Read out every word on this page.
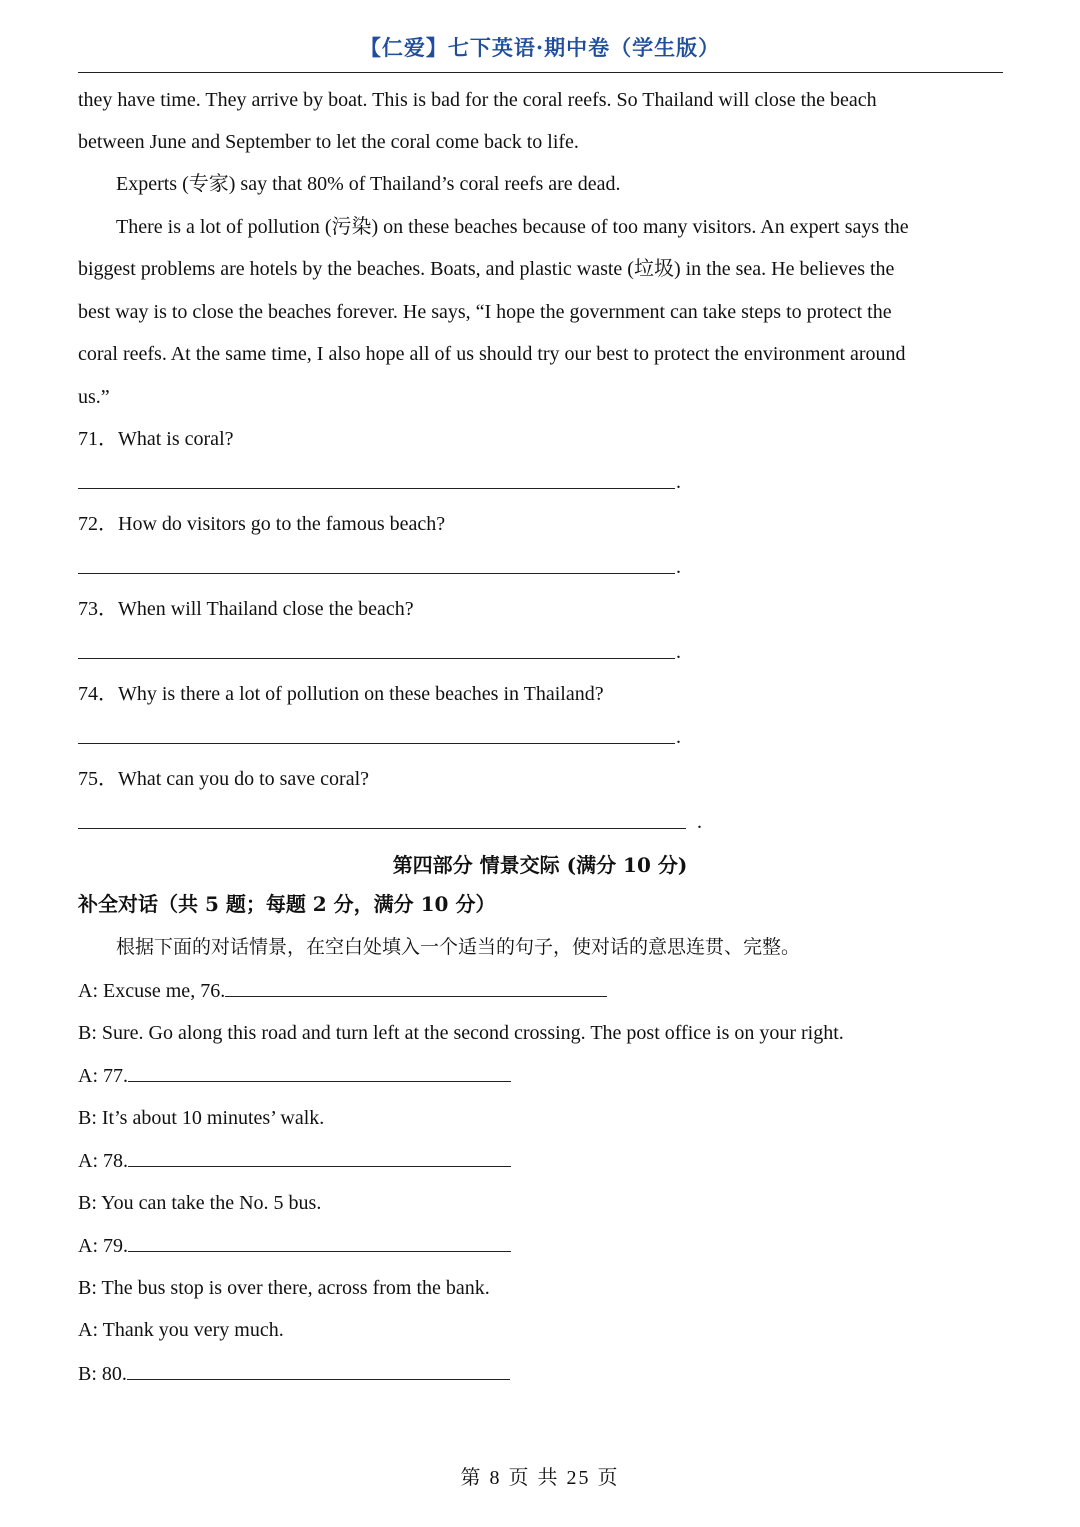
【仁爱】七下英语·期中卷（学生版）
they have time. They arrive by boat. This is bad for the coral reefs. So Thailand will close the beach
between June and September to let the coral come back to life.
Experts (专家) say that 80% of Thailand’s coral reefs are dead.
There is a lot of pollution (污染) on these beaches because of too many visitors. An expert says the
biggest problems are hotels by the beaches. Boats, and plastic waste (垃圾) in the sea. He believes the
best way is to close the beaches forever. He says, “I hope the government can take steps to protect the
coral reefs. At the same time, I also hope all of us should try our best to protect the environment around
us.”
71．What is coral?
.
72．How do visitors go to the famous beach?
.
73．When will Thailand close the beach?
.
74．Why is there a lot of pollution on these beaches in Thailand?
.
75．What can you do to save coral?
.
第四部分 情景交际 (满分 10 分)
补全对话（共 5 题；每题 2 分，满分 10 分）
根据下面的对话情景，在空白处填入一个适当的句子，使对话的意思连贯、完整。
A: Excuse me, 76.
B: Sure. Go along this road and turn left at the second crossing. The post office is on your right.
A: 77.
B: It’s about 10 minutes’ walk.
A: 78.
B: You can take the No. 5 bus.
A: 79.
B: The bus stop is over there, across from the bank.
A: Thank you very much.
B: 80.
第 8 页 共 25 页
